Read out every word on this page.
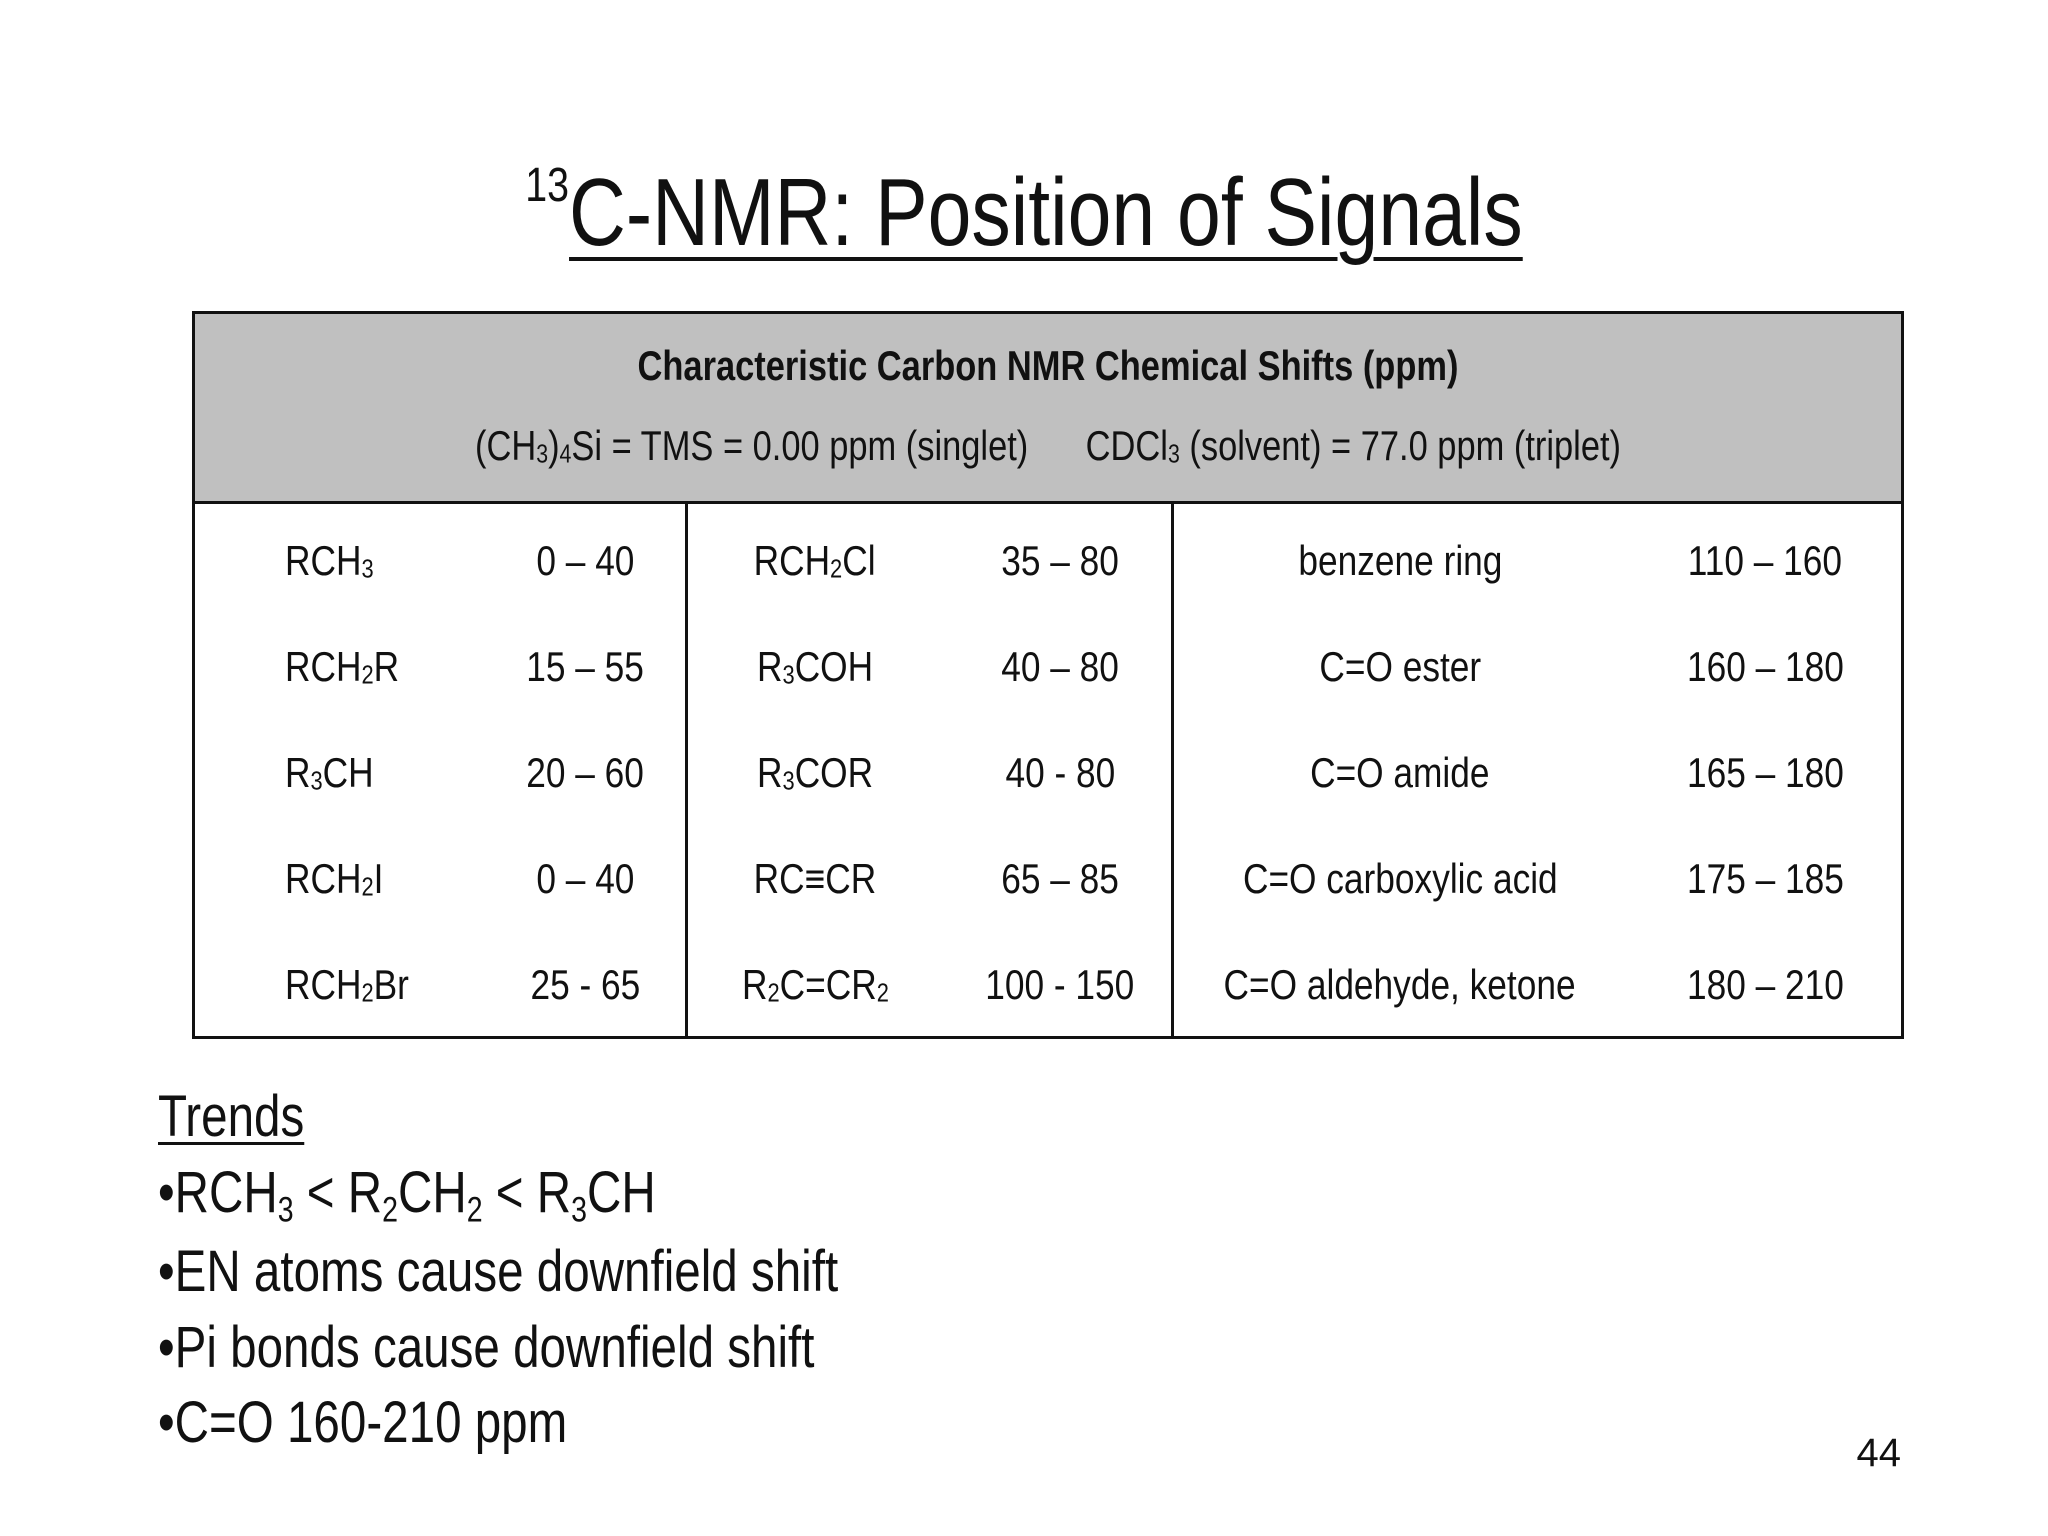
$^{13}$C-NMR: Position of Signals
Characteristic Carbon NMR Chemical Shifts (ppm)
(CH3)4Si = TMS = 0.00 ppm (singlet) CDCl3 (solvent) = 77.0 ppm (triplet)
RCH3	0 – 40
RCH2R	15 – 55
R3CH	20 – 60
RCH2I	0 – 40
RCH2Br	25 - 65
RCH2Cl	35 – 80
R3COH	40 – 80
R3COR	40 - 80
RC≡CR	65 – 85
R2C=CR2	100 - 150
benzene ring	110 – 160
C=O ester	160 – 180
C=O amide	165 – 180
C=O carboxylic acid	175 – 185
C=O aldehyde, ketone	180 – 210
Trends
•RCH3 < R2CH2 < R3CH
•EN atoms cause downfield shift
•Pi bonds cause downfield shift
•C=O 160-210 ppm	44
